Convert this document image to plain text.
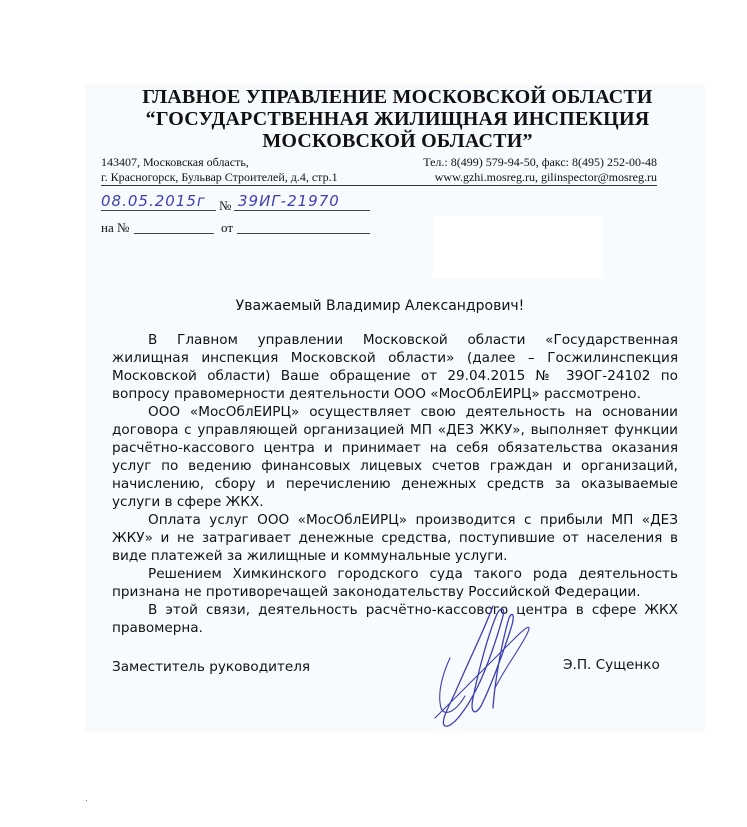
ГЛАВНОЕ УПРАВЛЕНИЕ МОСКОВСКОЙ ОБЛАСТИ
“ГОСУДАРСТВЕННАЯ ЖИЛИЩНАЯ ИНСПЕКЦИЯ
МОСКОВСКОЙ ОБЛАСТИ”
143407, Московская область,
г. Красногорск, Бульвар Строителей, д.4, стр.1
Тел.: 8(499) 579-94-50, факс: 8(495) 252-00-48
www.gzhi.mosreg.ru, gilinspector@mosreg.ru
08.05.2015г № 39ИГ-21970
на №	от
Уважаемый Владимир Александрович!

В Главном управлении Московской области «Государственная жилищная инспекция Московской области» (далее – Госжилинспекция Московской области) Ваше обращение от 29.04.2015 № 39ОГ-24102 по вопросу правомерности деятельности ООО «МосОблЕИРЦ» рассмотрено.

ООО «МосОблЕИРЦ» осуществляет свою деятельность на основании договора с управляющей организацией МП «ДЕЗ ЖКУ», выполняет функции расчётно-кассового центра и принимает на себя обязательства оказания услуг по ведению финансовых лицевых счетов граждан и организаций, начислению, сбору и перечислению денежных средств за оказываемые услуги в сфере ЖКХ.

Оплата услуг ООО «МосОблЕИРЦ» производится с прибыли МП «ДЕЗ ЖКУ» и не затрагивает денежные средства, поступившие от населения в виде платежей за жилищные и коммунальные услуги.

Решением Химкинского городского суда такого рода деятельность признана не противоречащей законодательству Российской Федерации.

В этой связи, деятельность расчётно-кассового центра в сфере ЖКХ правомерна.

Заместитель руководителя	Э.П. Сущенко
